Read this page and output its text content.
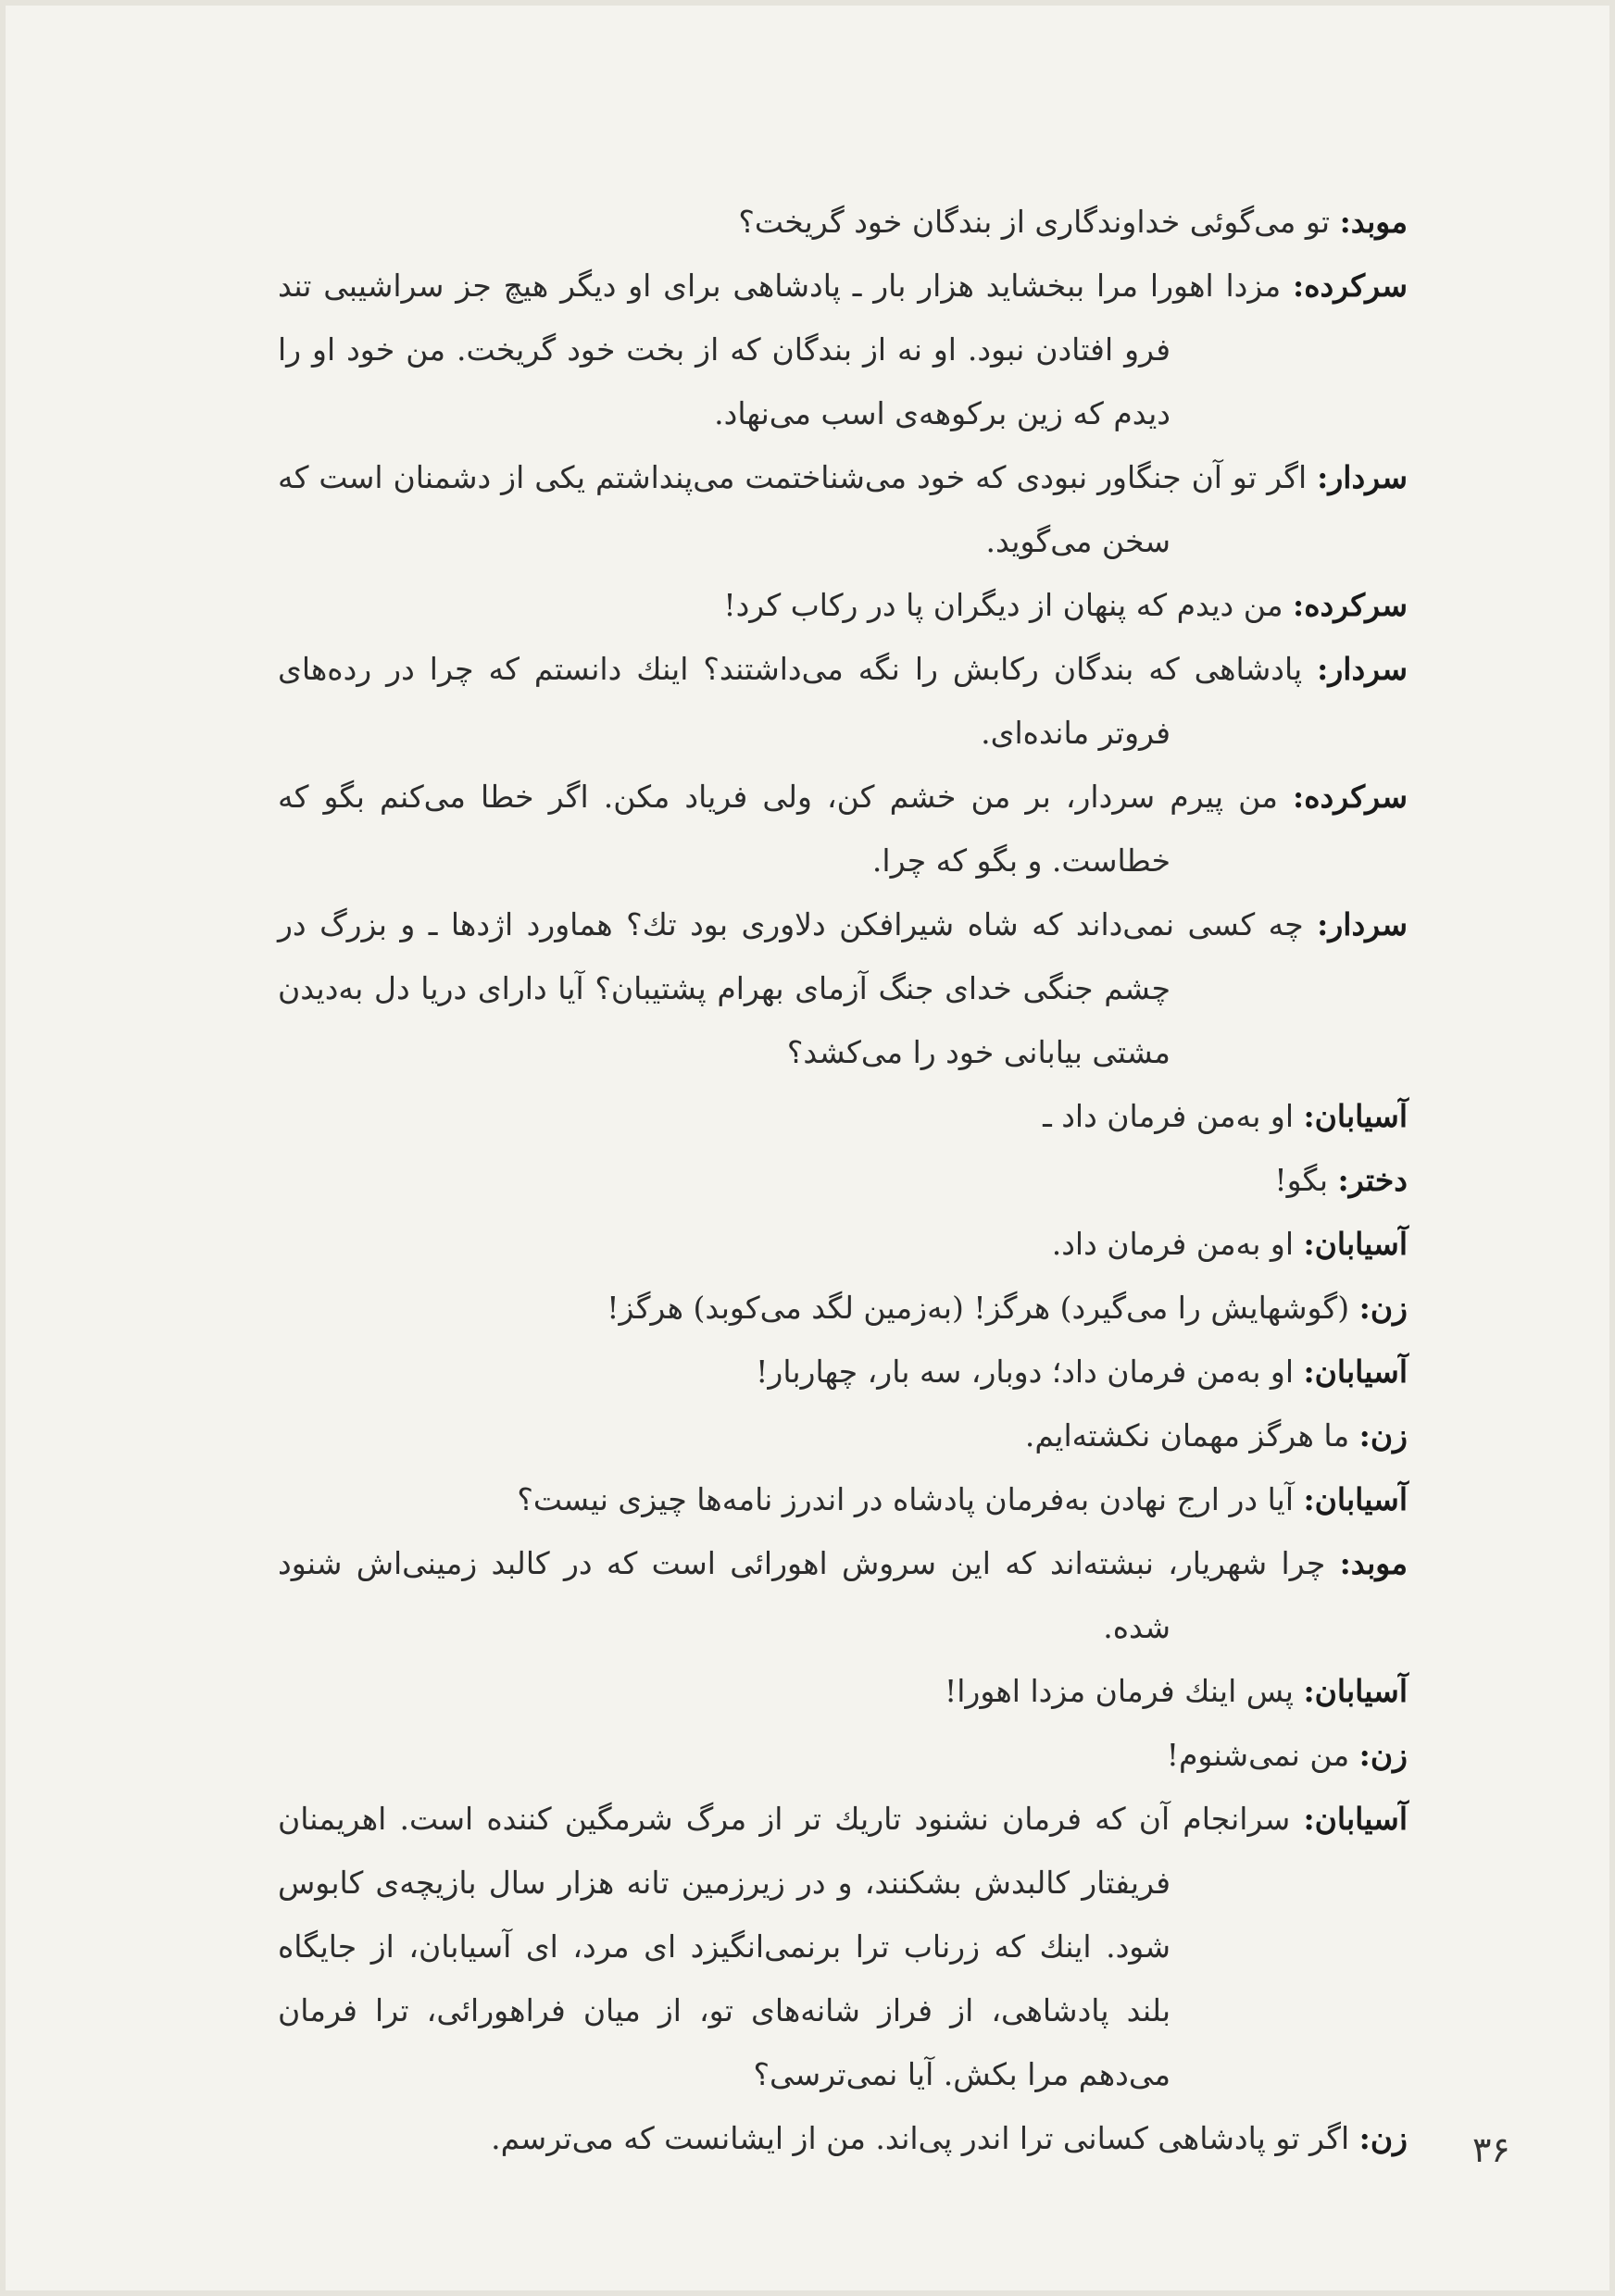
موبد: تو می‌گوئی خداوندگاری از بندگان خود گریخت؟

سرکرده: مزدا اهورا مرا ببخشاید هزار بار ـ پادشاهی برای او دیگر هیچ جز سراشیبی تند فرو افتادن نبود. او نه از بندگان که از بخت خود گریخت. من خود او را دیدم که زین برکوهه‌ی اسب می‌نهاد.

سردار: اگر تو آن جنگاور نبودی که خود می‌شناختمت می‌پنداشتم یکی از دشمنان است که سخن می‌گوید.

سرکرده: من دیدم که پنهان از دیگران پا در رکاب کرد!

سردار: پادشاهی که بندگان رکابش را نگه می‌داشتند؟ اینك دانستم که چرا در رده‌های فروتر مانده‌ای.

سرکرده: من پیرم سردار، بر من خشم کن، ولی فریاد مکن. اگر خطا می‌کنم بگو که خطاست. و بگو که چرا.

سردار: چه کسی نمی‌داند که شاه شیرافکن دلاوری بود تك؟ هماورد اژدها ـ و بزرگ در چشم جنگی خدای جنگ آزمای بهرام پشتیبان؟ آیا دارای دریا دل به‌دیدن مشتی بیابانی خود را می‌کشد؟

آسیابان: او به‌من فرمان داد ـ

دختر: بگو!

آسیابان: او به‌من فرمان داد.

زن: (گوشهایش را می‌گیرد) هرگز! (به‌زمین لگد می‌کوبد) هرگز!

آسیابان: او به‌من فرمان داد؛ دوبار، سه بار، چهاربار!

زن: ما هرگز مهمان نکشته‌ایم.

آسیابان: آیا در ارج نهادن به‌فرمان پادشاه در اندرز نامه‌ها چیزی نیست؟

موبد: چرا شهریار، نبشته‌اند که این سروش اهورائی است که در کالبد زمینی‌اش شنود شده.

آسیابان: پس اینك فرمان مزدا اهورا!

زن: من نمی‌شنوم!

آسیابان: سرانجام آن که فرمان نشنود تاریك تر از مرگ شرمگین کننده است. اهریمنان فریفتار کالبدش بشکنند، و در زیرزمین تانه هزار سال بازیچه‌ی کابوس شود. اینك که زرناب ترا برنمی‌انگیزد ای مرد، ای آسیابان، از جایگاه بلند پادشاهی، از فراز شانه‌های تو، از میان فراهورائی، ترا فرمان می‌دهم مرا بکش. آیا نمی‌ترسی؟

زن: اگر تو پادشاهی کسانی ترا اندر پی‌اند. من از ایشانست که می‌ترسم.	۳۶
